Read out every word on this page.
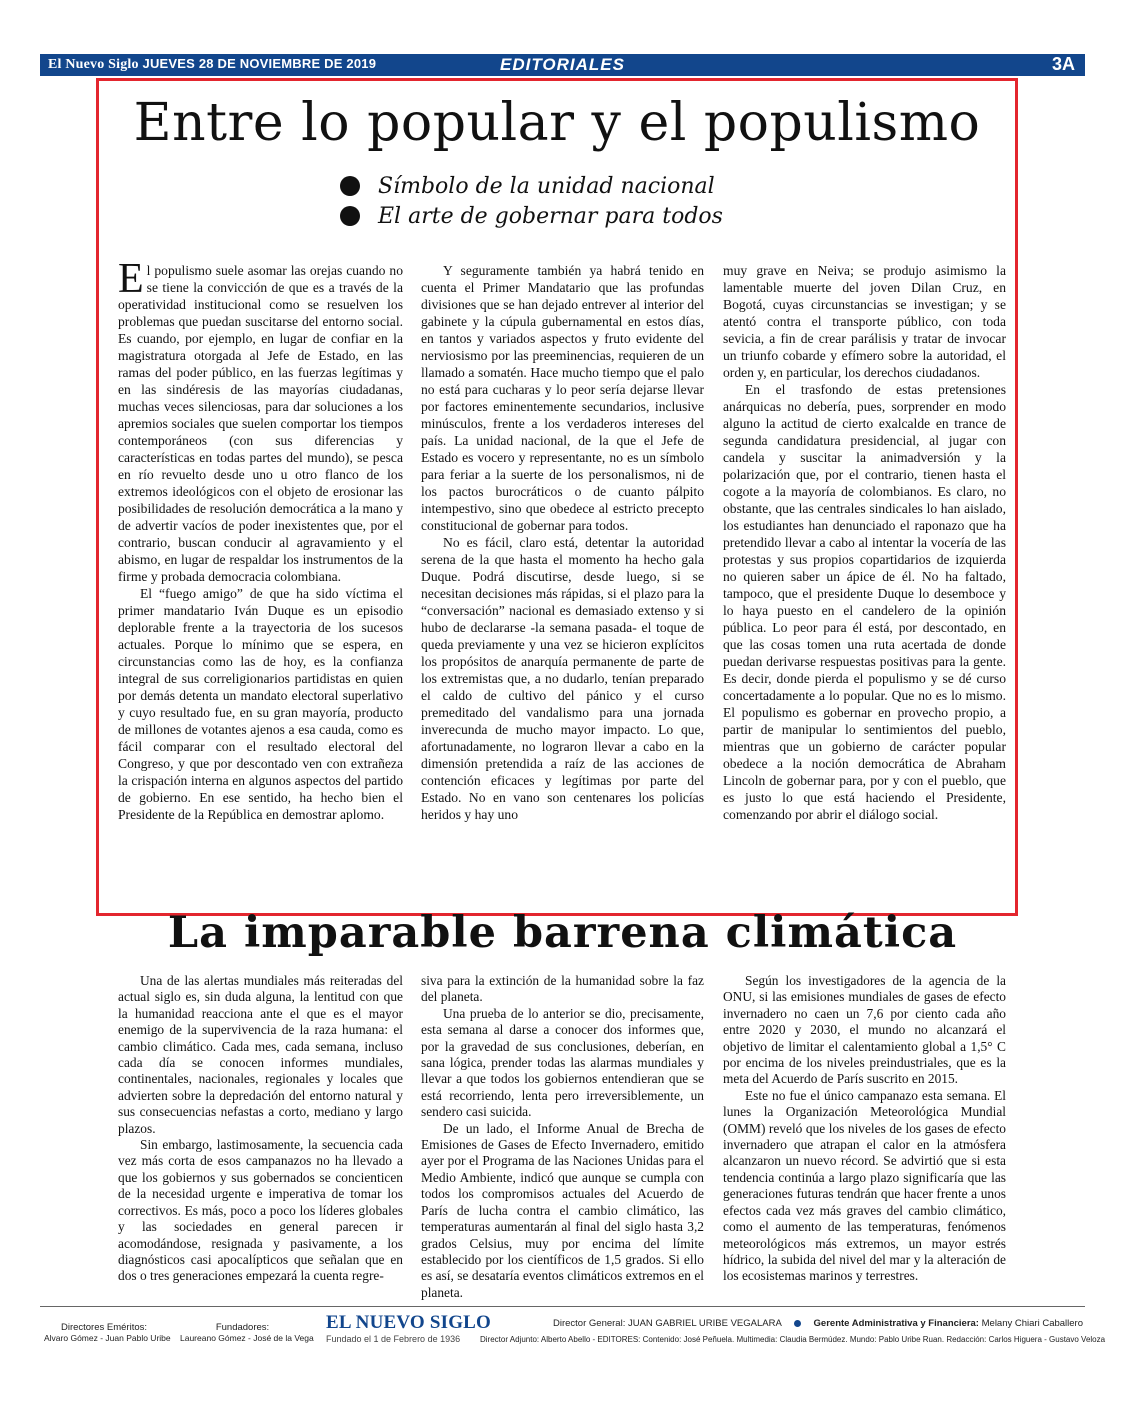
El Nuevo Siglo JUEVES 28 DE NOVIEMBRE DE 2019	EDITORIALES	3A
Entre lo popular y el populismo
Símbolo de la unidad nacional
El arte de gobernar para todos

El populismo suele asomar las orejas cuando no se tiene la convicción de que es a través de la operatividad institucional como se resuelven los problemas que puedan suscitarse del entorno social. Es cuando, por ejemplo, en lugar de confiar en la magistratura otorgada al Jefe de Estado, en las ramas del poder público, en las fuerzas legítimas y en las sindéresis de las mayorías ciudadanas, muchas veces silenciosas, para dar soluciones a los apremios sociales que suelen comportar los tiempos contemporáneos (con sus diferencias y características en todas partes del mundo), se pesca en río revuelto desde uno u otro flanco de los extremos ideológicos con el objeto de erosionar las posibilidades de resolución democrática a la mano y de advertir vacíos de poder inexistentes que, por el contrario, buscan conducir al agravamiento y el abismo, en lugar de respaldar los instrumentos de la firme y probada democracia colombiana.

El “fuego amigo” de que ha sido víctima el primer mandatario Iván Duque es un episodio deplorable frente a la trayectoria de los sucesos actuales. Porque lo mínimo que se espera, en circunstancias como las de hoy, es la confianza integral de sus correligionarios partidistas en quien por demás detenta un mandato electoral superlativo y cuyo resultado fue, en su gran mayoría, producto de millones de votantes ajenos a esa cauda, como es fácil comparar con el resultado electoral del Congreso, y que por descontado ven con extrañeza la crispación interna en algunos aspectos del partido de gobierno. En ese sentido, ha hecho bien el Presidente de la República en demostrar aplomo.

Y seguramente también ya habrá tenido en cuenta el Primer Mandatario que las profundas divisiones que se han dejado entrever al interior del gabinete y la cúpula gubernamental en estos días, en tantos y variados aspectos y fruto evidente del nerviosismo por las preeminencias, requieren de un llamado a somatén. Hace mucho tiempo que el palo no está para cucharas y lo peor sería dejarse llevar por factores eminentemente secundarios, inclusive minúsculos, frente a los verdaderos intereses del país. La unidad nacional, de la que el Jefe de Estado es vocero y representante, no es un símbolo para feriar a la suerte de los personalismos, ni de los pactos burocráticos o de cuanto pálpito intempestivo, sino que obedece al estricto precepto constitucional de gobernar para todos.

No es fácil, claro está, detentar la autoridad serena de la que hasta el momento ha hecho gala Duque. Podrá discutirse, desde luego, si se necesitan decisiones más rápidas, si el plazo para la “conversación” nacional es demasiado extenso y si hubo de declararse -la semana pasada- el toque de queda previamente y una vez se hicieron explícitos los propósitos de anarquía permanente de parte de los extremistas que, a no dudarlo, tenían preparado el caldo de cultivo del pánico y el curso premeditado del vandalismo para una jornada inverecunda de mucho mayor impacto. Lo que, afortunadamente, no lograron llevar a cabo en la dimensión pretendida a raíz de las acciones de contención eficaces y legítimas por parte del Estado. No en vano son centenares los policías heridos y hay uno

muy grave en Neiva; se produjo asimismo la lamentable muerte del joven Dilan Cruz, en Bogotá, cuyas circunstancias se investigan; y se atentó contra el transporte público, con toda sevicia, a fin de crear parálisis y tratar de invocar un triunfo cobarde y efímero sobre la autoridad, el orden y, en particular, los derechos ciudadanos.

En el trasfondo de estas pretensiones anárquicas no debería, pues, sorprender en modo alguno la actitud de cierto exalcalde en trance de segunda candidatura presidencial, al jugar con candela y suscitar la animadversión y la polarización que, por el contrario, tienen hasta el cogote a la mayoría de colombianos. Es claro, no obstante, que las centrales sindicales lo han aislado, los estudiantes han denunciado el raponazo que ha pretendido llevar a cabo al intentar la vocería de las protestas y sus propios copartidarios de izquierda no quieren saber un ápice de él. No ha faltado, tampoco, que el presidente Duque lo desemboce y lo haya puesto en el candelero de la opinión pública. Lo peor para él está, por descontado, en que las cosas tomen una ruta acertada de donde puedan derivarse respuestas positivas para la gente. Es decir, donde pierda el populismo y se dé curso concertadamente a lo popular. Que no es lo mismo. El populismo es gobernar en provecho propio, a partir de manipular lo sentimientos del pueblo, mientras que un gobierno de carácter popular obedece a la noción democrática de Abraham Lincoln de gobernar para, por y con el pueblo, que es justo lo que está haciendo el Presidente, comenzando por abrir el diálogo social.

La imparable barrena climática

Una de las alertas mundiales más reiteradas del actual siglo es, sin duda alguna, la lentitud con que la humanidad reacciona ante el que es el mayor enemigo de la supervivencia de la raza humana: el cambio climático. Cada mes, cada semana, incluso cada día se conocen informes mundiales, continentales, nacionales, regionales y locales que advierten sobre la depredación del entorno natural y sus consecuencias nefastas a corto, mediano y largo plazos.

Sin embargo, lastimosamente, la secuencia cada vez más corta de esos campanazos no ha llevado a que los gobiernos y sus gobernados se concienticen de la necesidad urgente e imperativa de tomar los correctivos. Es más, poco a poco los líderes globales y las sociedades en general parecen ir acomodándose, resignada y pasivamente, a los diagnósticos casi apocalípticos que señalan que en dos o tres generaciones empezará la cuenta regre-

siva para la extinción de la humanidad sobre la faz del planeta.

Una prueba de lo anterior se dio, precisamente, esta semana al darse a conocer dos informes que, por la gravedad de sus conclusiones, deberían, en sana lógica, prender todas las alarmas mundiales y llevar a que todos los gobiernos entendieran que se está recorriendo, lenta pero irreversiblemente, un sendero casi suicida.

De un lado, el Informe Anual de Brecha de Emisiones de Gases de Efecto Invernadero, emitido ayer por el Programa de las Naciones Unidas para el Medio Ambiente, indicó que aunque se cumpla con todos los compromisos actuales del Acuerdo de París de lucha contra el cambio climático, las temperaturas aumentarán al final del siglo hasta 3,2 grados Celsius, muy por encima del límite establecido por los científicos de 1,5 grados. Si ello es así, se desataría eventos climáticos extremos en el planeta.

Según los investigadores de la agencia de la ONU, si las emisiones mundiales de gases de efecto invernadero no caen un 7,6 por ciento cada año entre 2020 y 2030, el mundo no alcanzará el objetivo de limitar el calentamiento global a 1,5° C por encima de los niveles preindustriales, que es la meta del Acuerdo de París suscrito en 2015.

Este no fue el único campanazo esta semana. El lunes la Organización Meteorológica Mundial (OMM) reveló que los niveles de los gases de efecto invernadero que atrapan el calor en la atmósfera alcanzaron un nuevo récord. Se advirtió que si esta tendencia continúa a largo plazo significaría que las generaciones futuras tendrán que hacer frente a unos efectos cada vez más graves del cambio climático, como el aumento de las temperaturas, fenómenos meteorológicos más extremos, un mayor estrés hídrico, la subida del nivel del mar y la alteración de los ecosistemas marinos y terrestres.

Directores Eméritos:
Alvaro Gómez - Juan Pablo Uribe
Fundadores:
Laureano Gómez - José de la Vega
EL NUEVO SIGLO
Fundado el 1 de Febrero de 1936
Director General: JUAN GABRIEL URIBE VEGALARA	Gerente Administrativa y Financiera: Melany Chiari Caballero
Director Adjunto: Alberto Abello - EDITORES: Contenido: José Peñuela. Multimedia: Claudia Bermúdez. Mundo: Pablo Uribe Ruan. Redacción: Carlos Higuera - Gustavo Veloza
